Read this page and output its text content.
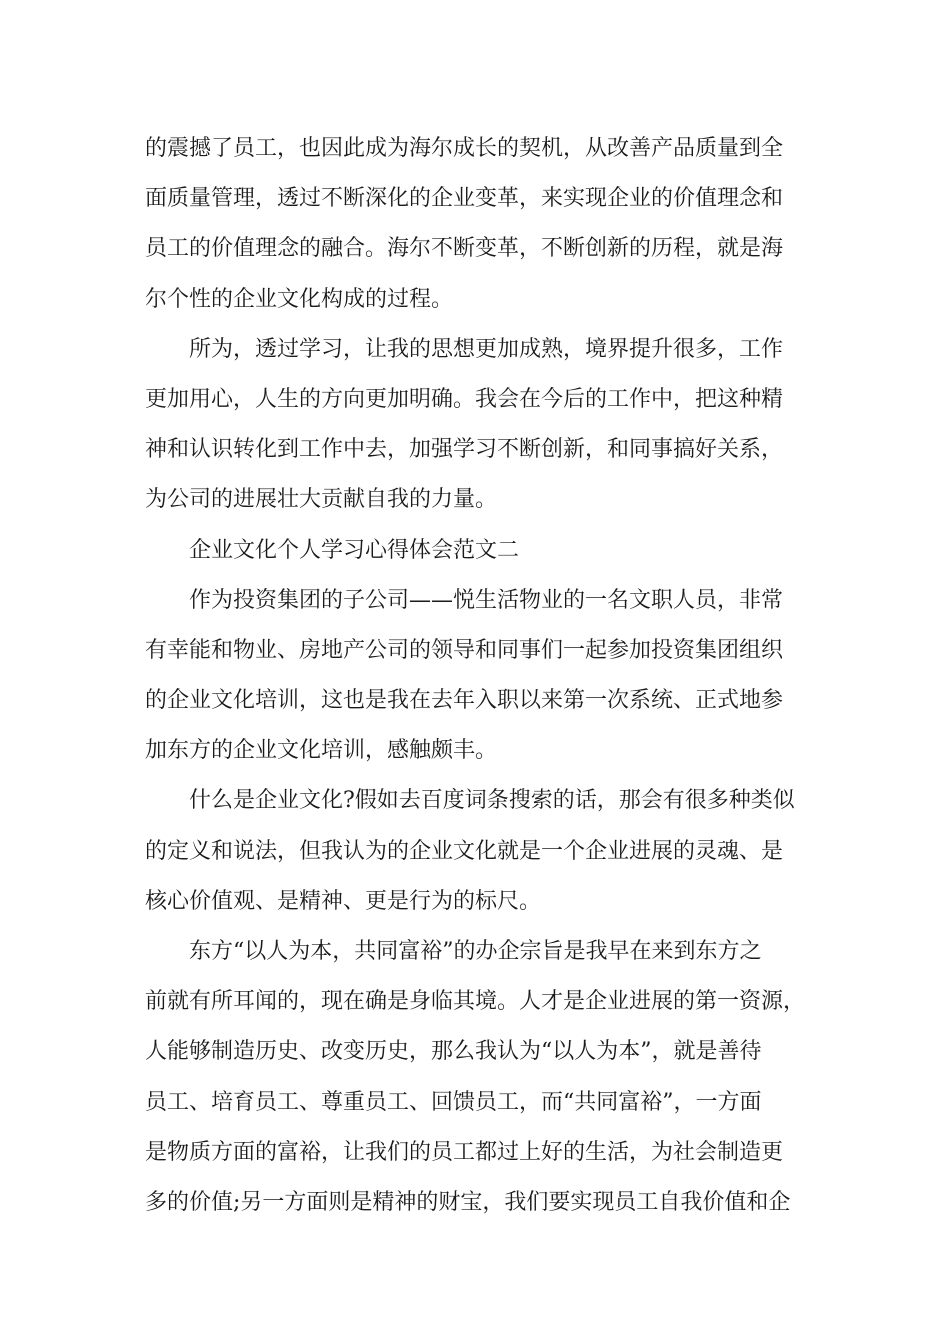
的震撼了员工，也因此成为海尔成长的契机，从改善产品质量到全
面质量管理，透过不断深化的企业变革，来实现企业的价值理念和
员工的价值理念的融合。海尔不断变革，不断创新的历程，就是海
尔个性的企业文化构成的过程。
所为，透过学习，让我的思想更加成熟，境界提升很多，工作
更加用心，人生的方向更加明确。我会在今后的工作中，把这种精
神和认识转化到工作中去，加强学习不断创新，和同事搞好关系，
为公司的进展壮大贡献自我的力量。
企业文化个人学习心得体会范文二
作为投资集团的子公司——悦生活物业的一名文职人员，非常
有幸能和物业、房地产公司的领导和同事们一起参加投资集团组织
的企业文化培训，这也是我在去年入职以来第一次系统、正式地参
加东方的企业文化培训，感触颇丰。
什么是企业文化?假如去百度词条搜索的话，那会有很多种类似
的定义和说法，但我认为的企业文化就是一个企业进展的灵魂、是
核心价值观、是精神、更是行为的标尺。
东方“以人为本，共同富裕”的办企宗旨是我早在来到东方之
前就有所耳闻的，现在确是身临其境。人才是企业进展的第一资源，
人能够制造历史、改变历史，那么我认为“以人为本”，就是善待
员工、培育员工、尊重员工、回馈员工，而“共同富裕”，一方面
是物质方面的富裕，让我们的员工都过上好的生活，为社会制造更
多的价值;另一方面则是精神的财宝，我们要实现员工自我价值和企
